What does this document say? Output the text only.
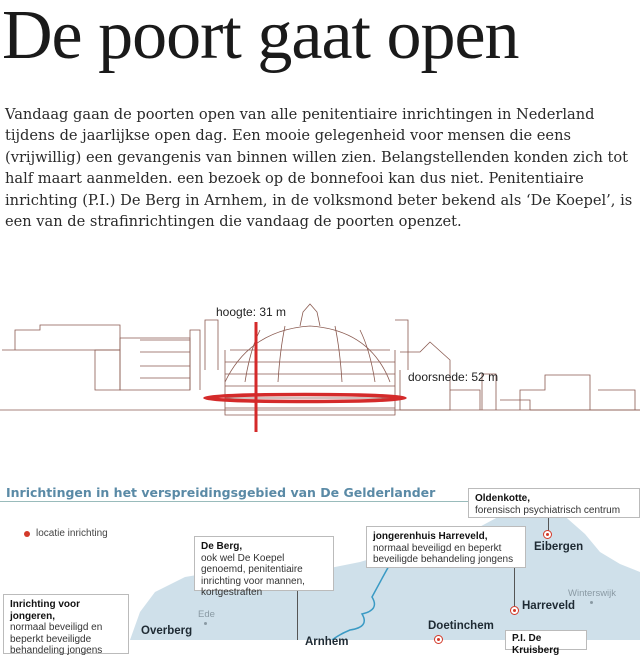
De poort gaat open

Vandaag gaan de poorten open van alle penitentiaire inrichtingen in Nederland tijdens de jaarlijkse open dag. Een mooie gelegenheid voor mensen die eens (vrijwillig) een gevangenis van binnen willen zien. Belangstellenden konden zich tot half maart aanmelden. een bezoek op de bonnefooi kan dus niet. Penitentiaire inrichting (P.I.) De Berg in Arnhem, in de volksmond beter bekend als ‘De Koepel’, is een van de strafinrichtingen die vandaag de poorten openzet.

hoogte: 31 m
doorsnede: 52 m
Inrichtingen in het verspreidingsgebied van De Gelderlander
locatie inrichting
Oldenkotte,
forensisch psychiatrisch centrum
jongerenhuis Harreveld,
normaal beveiligd en beperkt beveiligde behandeling jongens
De Berg,
ook wel De Koepel genoemd, penitentiaire inrichting voor mannen, kortgestraften
Inrichting voor jongeren,
normaal beveiligd en beperkt beveiligde behandeling jongens
P.I. De Kruisberg
Eibergen
Harreveld
Doetinchem
Overberg
Arnhem
Ede
Winterswijk
